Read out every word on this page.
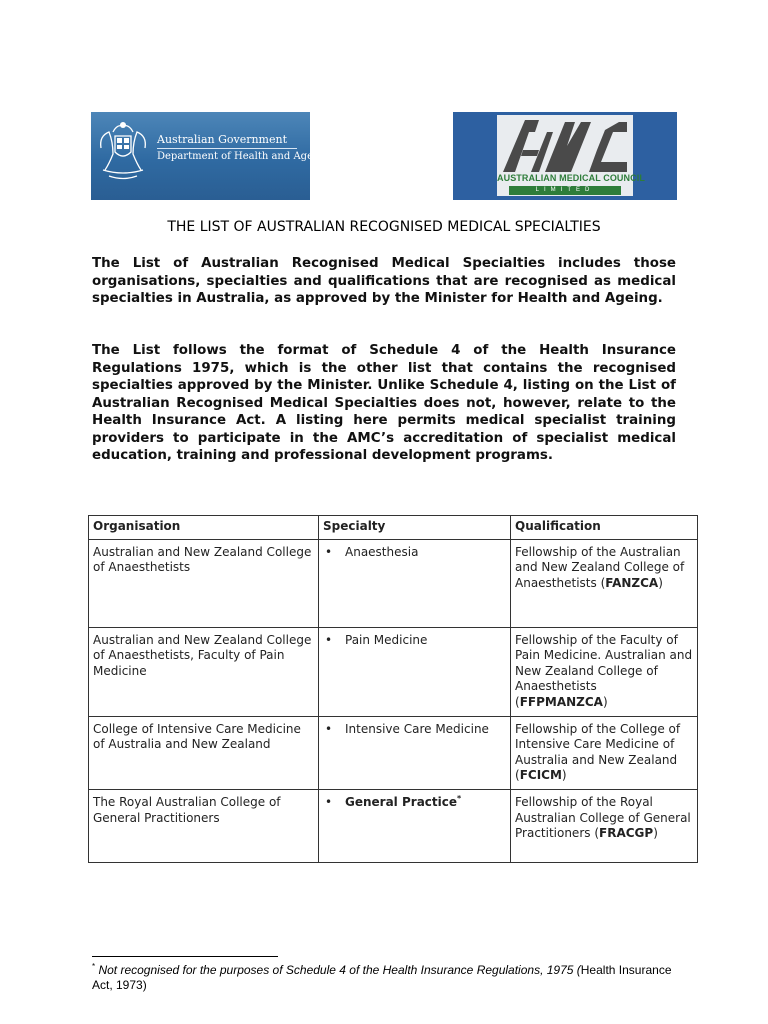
Australian Government
Department of Health and Ageing
AUSTRALIAN MEDICAL COUNCIL
LIMITED
THE LIST OF AUSTRALIAN RECOGNISED MEDICAL SPECIALTIES

The List of Australian Recognised Medical Specialties includes those organisations, specialties and qualifications that are recognised as medical specialties in Australia, as approved by the Minister for Health and Ageing.

The List follows the format of Schedule 4 of the Health Insurance Regulations 1975, which is the other list that contains the recognised specialties approved by the Minister. Unlike Schedule 4, listing on the List of Australian Recognised Medical Specialties does not, however, relate to the Health Insurance Act. A listing here permits medical specialist training providers to participate in the AMC’s accreditation of specialist medical education, training and professional development programs.

Organisation	Specialty	Qualification
Australian and New Zealand College of Anaesthetists	• Anaesthesia	Fellowship of the Australian and New Zealand College of Anaesthetists (FANZCA)
Australian and New Zealand College of Anaesthetists, Faculty of Pain Medicine	• Pain Medicine	Fellowship of the Faculty of Pain Medicine. Australian and New Zealand College of Anaesthetists (FFPMANZCA)
College of Intensive Care Medicine of Australia and New Zealand	• Intensive Care Medicine	Fellowship of the College of Intensive Care Medicine of Australia and New Zealand (FCICM)
The Royal Australian College of General Practitioners	• General Practice*	Fellowship of the Royal Australian College of General Practitioners (FRACGP)
* Not recognised for the purposes of Schedule 4 of the Health Insurance Regulations, 1975 (Health Insurance Act, 1973)
